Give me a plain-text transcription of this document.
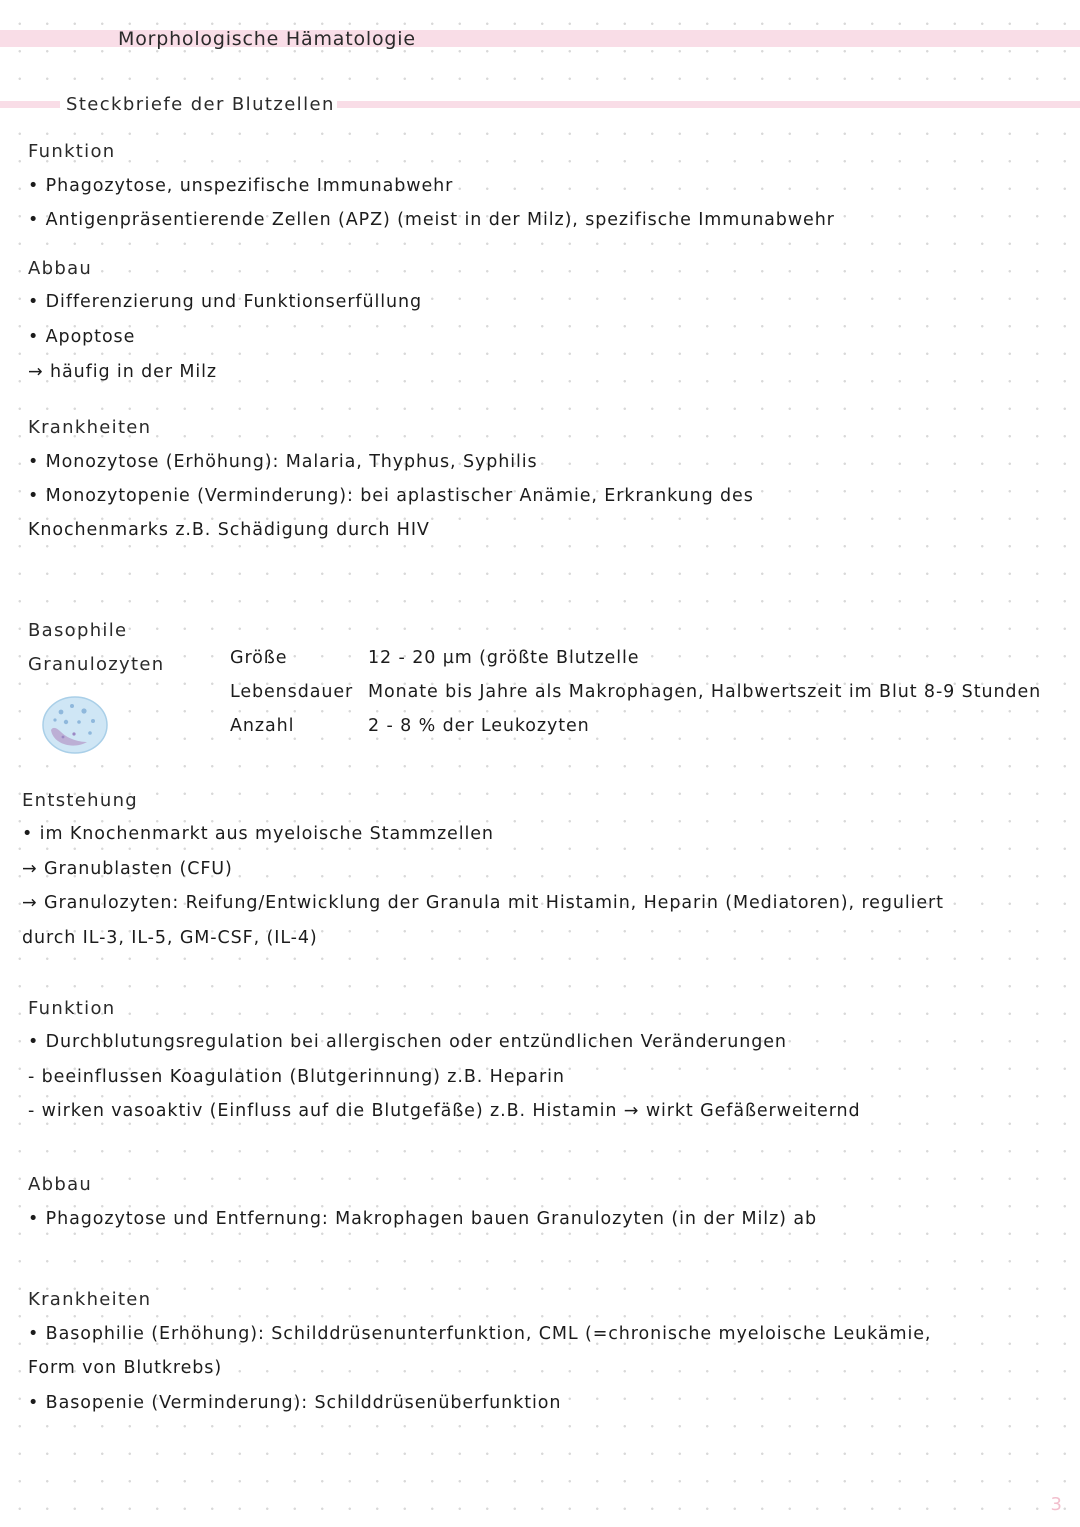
Morphologische Hämatologie
Steckbriefe der Blutzellen
Funktion
• Phagozytose, unspezifische Immunabwehr
• Antigenpräsentierende Zellen (APZ) (meist in der Milz), spezifische Immunabwehr
Abbau
• Differenzierung und Funktionserfüllung
• Apoptose
→ häufig in der Milz
Krankheiten
• Monozytose (Erhöhung): Malaria, Thyphus, Syphilis
• Monozytopenie (Verminderung): bei aplastischer Anämie, Erkrankung des
Knochenmarks z.B. Schädigung durch HIV
Basophile
Granulozyten	Größe	12 - 20 µm (größte Blutzelle
Lebensdauer Monate bis Jahre als Makrophagen, Halbwertszeit im Blut 8-9 Stunden
Anzahl	2 - 8 % der Leukozyten
Entstehung
• im Knochenmarkt aus myeloische Stammzellen
→ Granublasten (CFU)
→ Granulozyten: Reifung/Entwicklung der Granula mit Histamin, Heparin (Mediatoren), reguliert
durch IL-3, IL-5, GM-CSF, (IL-4)
Funktion
• Durchblutungsregulation bei allergischen oder entzündlichen Veränderungen
- beeinflussen Koagulation (Blutgerinnung) z.B. Heparin
- wirken vasoaktiv (Einfluss auf die Blutgefäße) z.B. Histamin → wirkt Gefäßerweiternd
Abbau
• Phagozytose und Entfernung: Makrophagen bauen Granulozyten (in der Milz) ab
Krankheiten
• Basophilie (Erhöhung): Schilddrüsenunterfunktion, CML (=chronische myeloische Leukämie,
Form von Blutkrebs)
• Basopenie (Verminderung): Schilddrüsenüberfunktion
3
